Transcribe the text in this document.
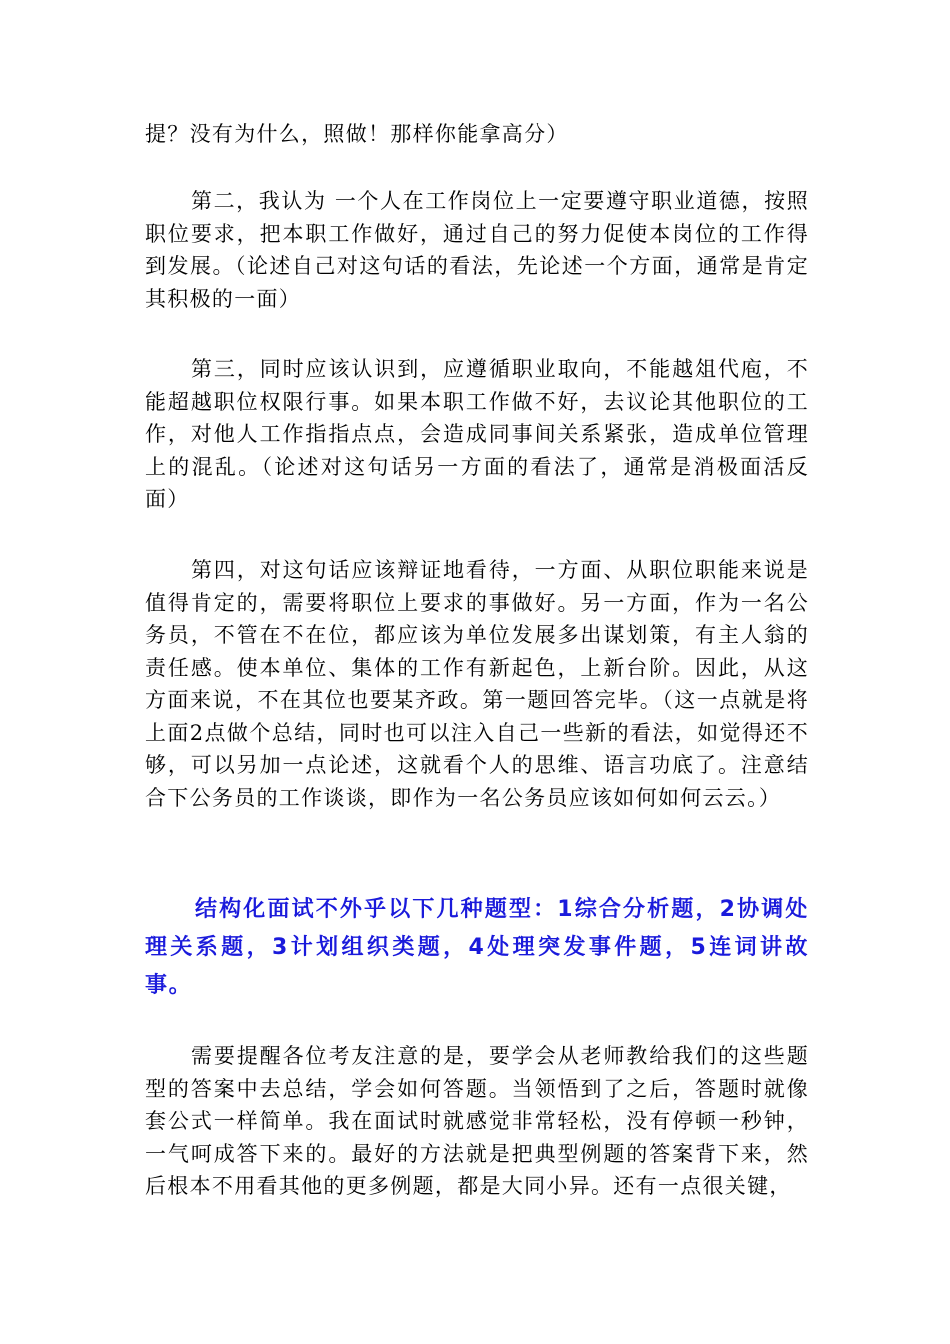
提？没有为什么，照做！那样你能拿高分）

第二，我认为 一个人在工作岗位上一定要遵守职业道德，按照职位要求，把本职工作做好，通过自己的努力促使本岗位的工作得到发展。（论述自己对这句话的看法，先论述一个方面，通常是肯定其积极的一面）

第三，同时应该认识到，应遵循职业取向，不能越俎代庖，不能超越职位权限行事。如果本职工作做不好，去议论其他职位的工作，对他人工作指指点点，会造成同事间关系紧张，造成单位管理上的混乱。（论述对这句话另一方面的看法了，通常是消极面活反面）

第四，对这句话应该辩证地看待，一方面、从职位职能来说是值得肯定的，需要将职位上要求的事做好。另一方面，作为一名公务员，不管在不在位，都应该为单位发展多出谋划策，有主人翁的责任感。使本单位、集体的工作有新起色，上新台阶。因此，从这方面来说，不在其位也要某齐政。第一题回答完毕。（这一点就是将上面2点做个总结，同时也可以注入自己一些新的看法，如觉得还不够，可以另加一点论述，这就看个人的思维、语言功底了。注意结合下公务员的工作谈谈，即作为一名公务员应该如何如何云云。）

结构化面试不外乎以下几种题型：1综合分析题，2协调处理关系题，3计划组织类题，4处理突发事件题，5连词讲故事。

需要提醒各位考友注意的是，要学会从老师教给我们的这些题型的答案中去总结，学会如何答题。当领悟到了之后，答题时就像套公式一样简单。我在面试时就感觉非常轻松，没有停顿一秒钟，一气呵成答下来的。最好的方法就是把典型例题的答案背下来，然后根本不用看其他的更多例题，都是大同小异。还有一点很关键，
